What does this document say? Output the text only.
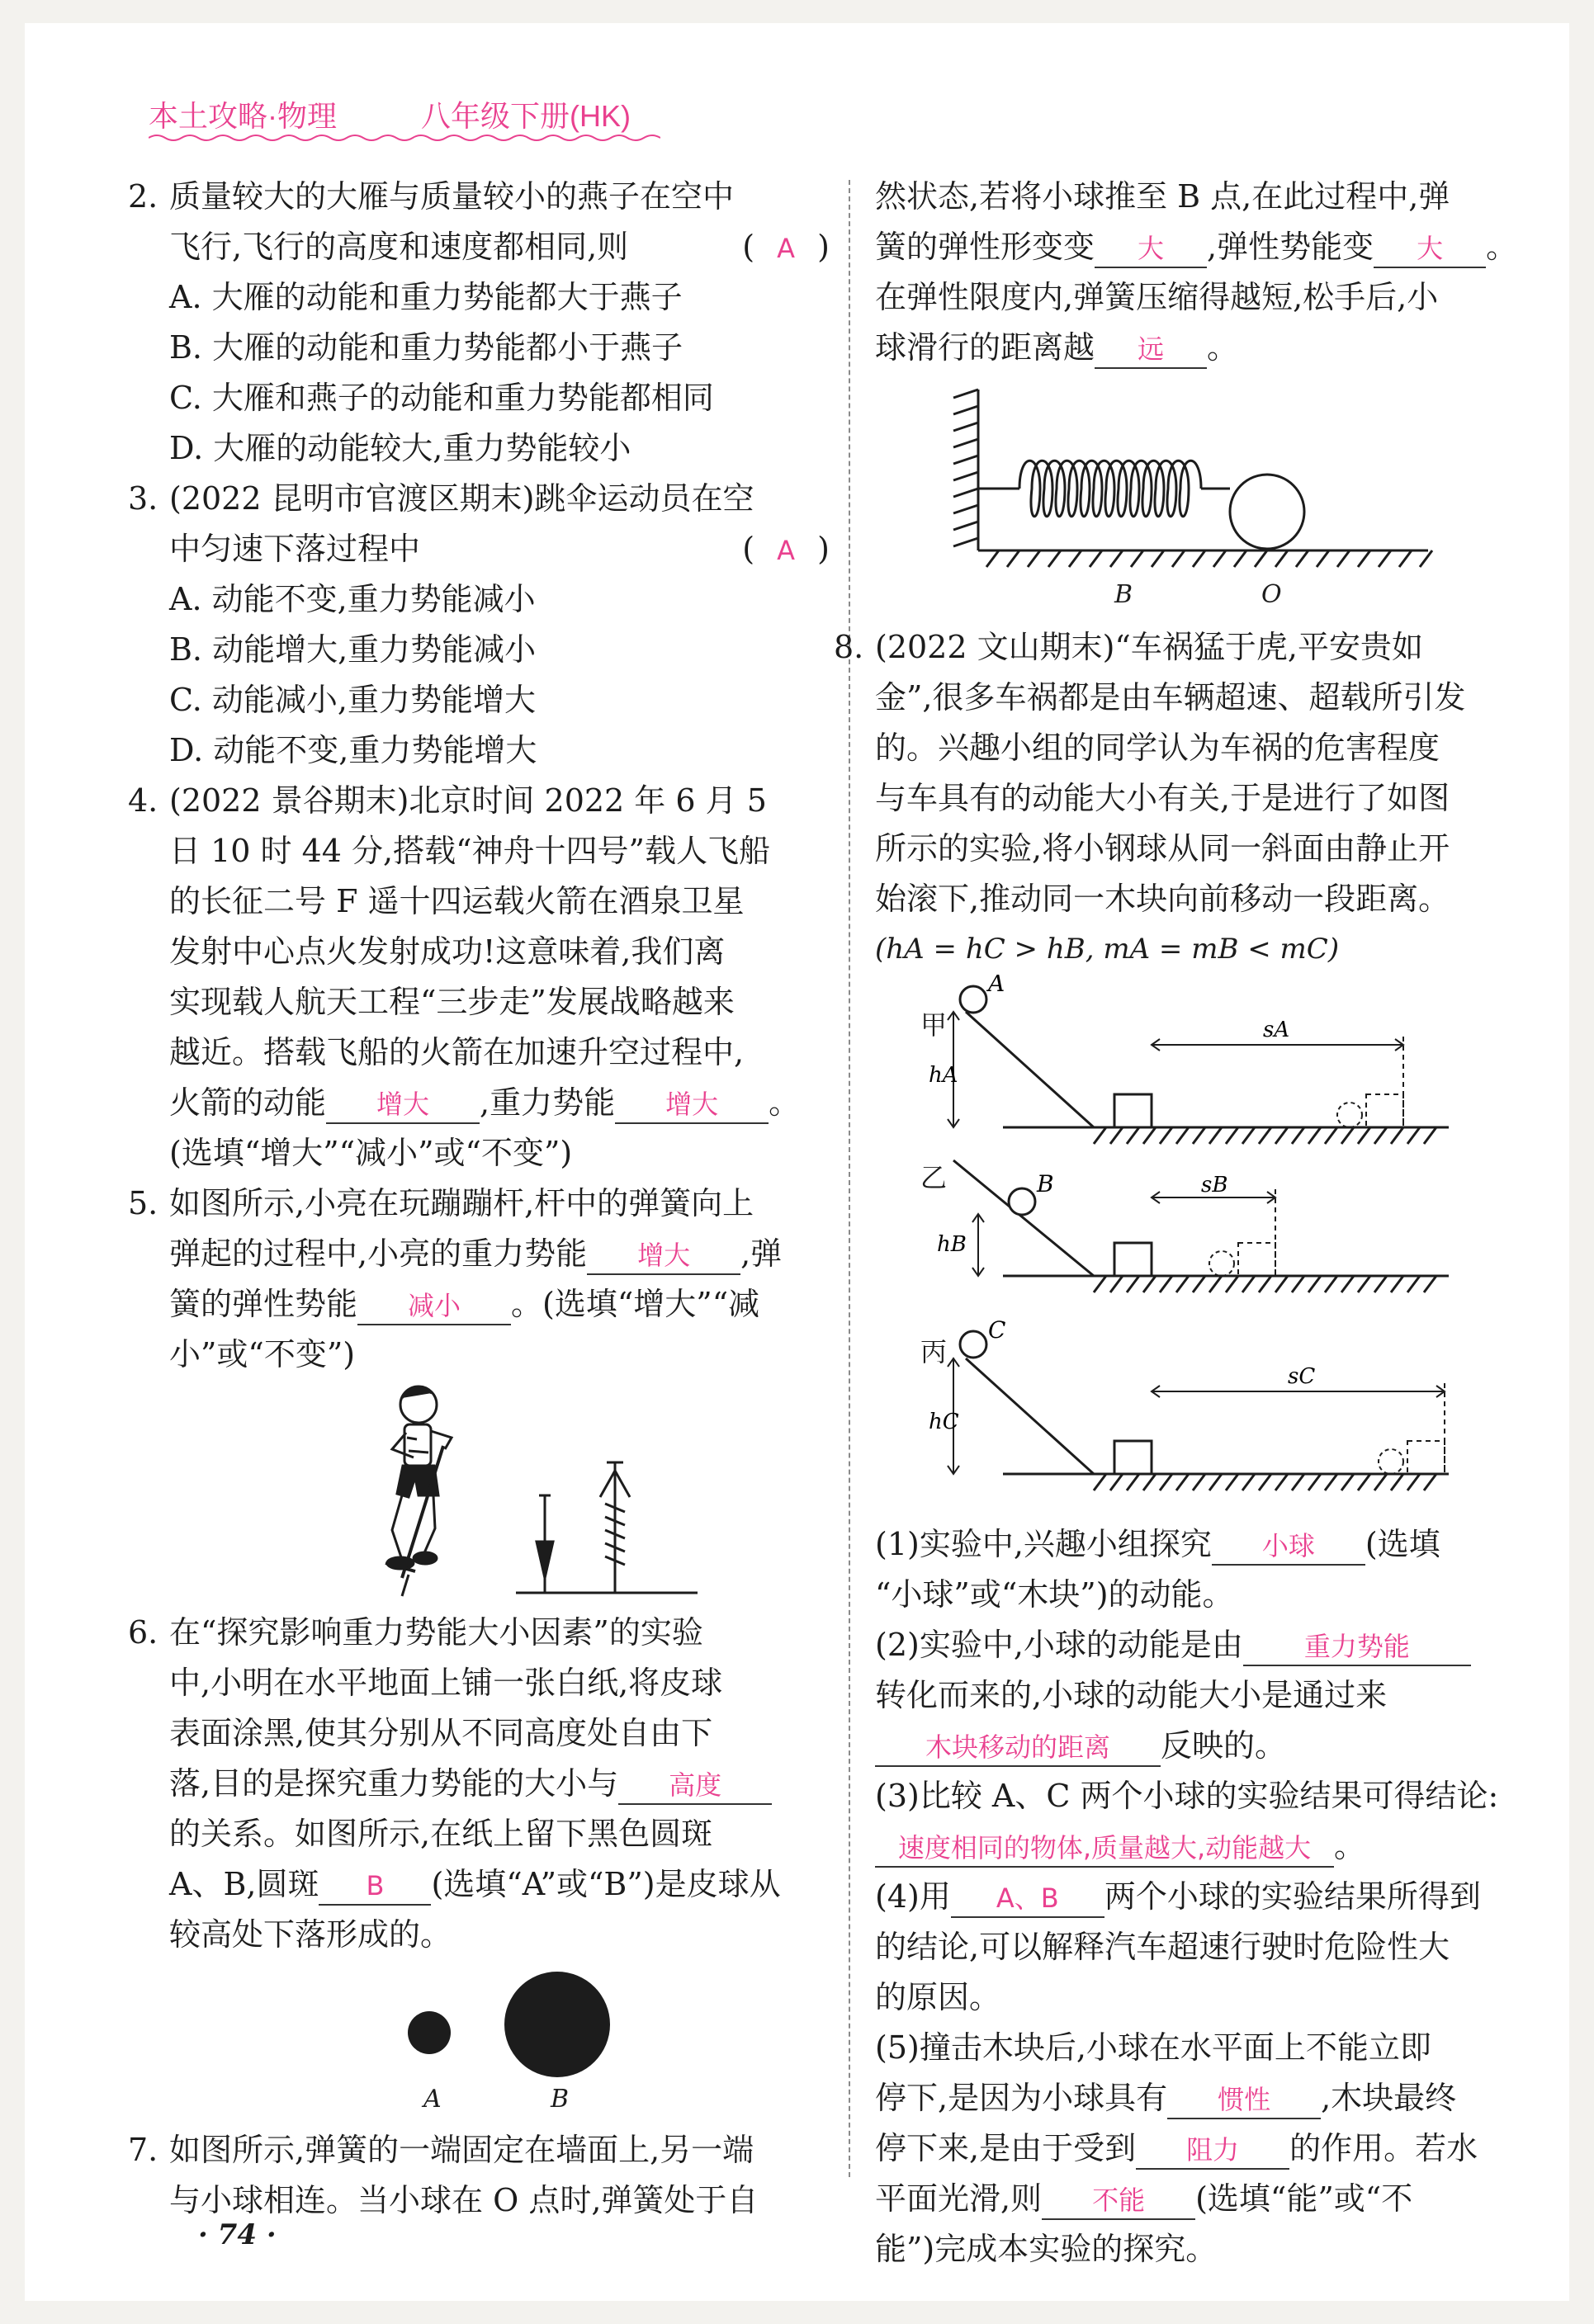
本土攻略·物理	八年级下册(HK)
2. 质量较大的大雁与质量较小的燕子在空中

飞行,飞行的高度和速度都相同,则	( A )

A. 大雁的动能和重力势能都大于燕子

B. 大雁的动能和重力势能都小于燕子

C. 大雁和燕子的动能和重力势能都相同

D. 大雁的动能较大,重力势能较小

3. (2022 昆明市官渡区期末)跳伞运动员在空

中匀速下落过程中	( A )

A. 动能不变,重力势能减小

B. 动能增大,重力势能减小

C. 动能减小,重力势能增大

D. 动能不变,重力势能增大

4. (2022 景谷期末)北京时间 2022 年 6 月 5

日 10 时 44 分,搭载“神舟十四号”载人飞船

的长征二号 F 遥十四运载火箭在酒泉卫星

发射中心点火发射成功!这意味着,我们离

实现载人航天工程“三步走”发展战略越来

越近。搭载飞船的火箭在加速升空过程中,

火箭的动能 增大 ,重力势能 增大 。

(选填“增大”“减小”或“不变”)

5. 如图所示,小亮在玩蹦蹦杆,杆中的弹簧向上

弹起的过程中,小亮的重力势能 增大 ,弹

簧的弹性势能 减小 。(选填“增大”“减

小”或“不变”)

6. 在“探究影响重力势能大小因素”的实验

中,小明在水平地面上铺一张白纸,将皮球

表面涂黑,使其分别从不同高度处自由下

落,目的是探究重力势能的大小与 高度

的关系。如图所示,在纸上留下黑色圆斑

A、B,圆斑 B (选填“A”或“B”)是皮球从

较高处下落形成的。

A	B
7. 如图所示,弹簧的一端固定在墙面上,另一端

与小球相连。当小球在 O 点时,弹簧处于自

然状态,若将小球推至 B 点,在此过程中,弹

簧的弹性形变变 大 ,弹性势能变 大 。

在弹性限度内,弹簧压缩得越短,松手后,小

球滑行的距离越 远 。

B	O
8. (2022 文山期末)“车祸猛于虎,平安贵如

金”,很多车祸都是由车辆超速、超载所引发

的。兴趣小组的同学认为车祸的危害程度

与车具有的动能大小有关,于是进行了如图

所示的实验,将小钢球从同一斜面由静止开

始滚下,推动同一木块向前移动一段距离。

(hA = hC > hB, mA = mB < mC)

甲
A
hA
sA
乙	B
hB
sB
丙
C
hC
sC

(1)实验中,兴趣小组探究 小球 (选填

“小球”或“木块”)的动能。

(2)实验中,小球的动能是由 重力势能

转化而来的,小球的动能大小是通过来

木块移动的距离 反映的。

(3)比较 A、C 两个小球的实验结果可得结论:

速度相同的物体,质量越大,动能越大 。

(4)用 A、B 两个小球的实验结果所得到

的结论,可以解释汽车超速行驶时危险性大

的原因。

(5)撞击木块后,小球在水平面上不能立即

停下,是因为小球具有 惯性 ,木块最终

停下来,是由于受到 阻力 的作用。若水

平面光滑,则 不能 (选填“能”或“不

能”)完成本实验的探究。

· 74 ·
